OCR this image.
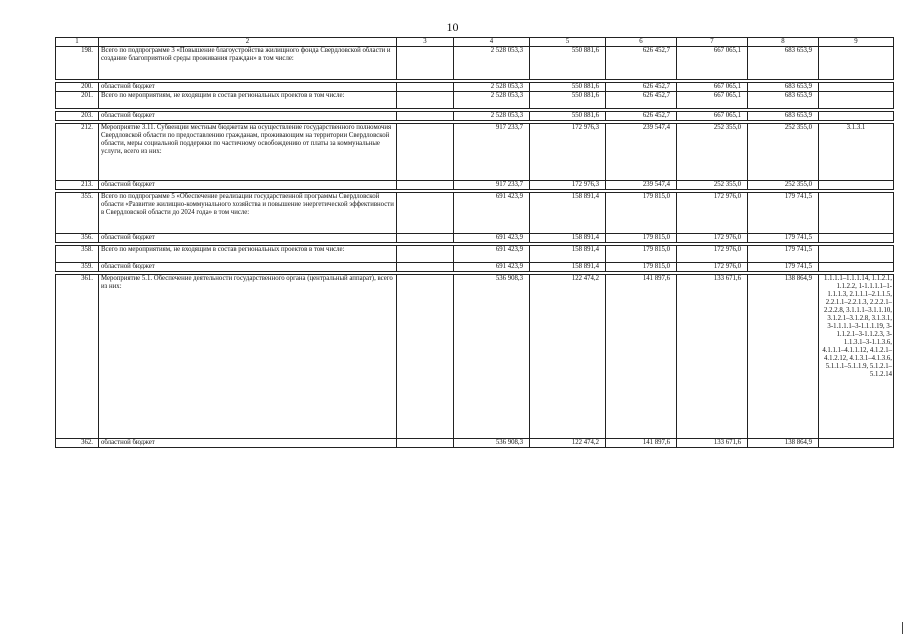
10
1	2	3	4	5	6	7	8	9
198.	Всего по подпрограмме 3 «Повышение благоустройства жилищного фонда Свердловской области и создание благоприятной среды проживания граждан» в том числе:		2 528 053,3	550 881,6	626 452,7	667 065,1	683 653,9	

200.	областной бюджет		2 528 053,3	550 881,6	626 452,7	667 065,1	683 653,9	
201.	Всего по мероприятиям, не входящим в состав региональных проектов в том числе:		2 528 053,3	550 881,6	626 452,7	667 065,1	683 653,9	

203.	областной бюджет		2 528 053,3	550 881,6	626 452,7	667 065,1	683 653,9	

212.	Мероприятие 3.11. Субвенции местным бюджетам на осуществление государственного полномочия Свердловской области по предоставлению гражданам, проживающим на территории Свердловской области, меры социальной поддержки по частичному освобождению от платы за коммунальные услуги, всего из них:		917 233,7	172 976,3	239 547,4	252 355,0	252 355,0	3.1.3.1
213.	областной бюджет		917 233,7	172 976,3	239 547,4	252 355,0	252 355,0	

355.	Всего по подпрограмме 5 «Обеспечение реализации государственной программы Свердловской области «Развитие жилищно-коммунального хозяйства и повышение энергетической эффективности в Свердловской области до 2024 года» в том числе:		691 423,9	158 891,4	179 815,0	172 976,0	179 741,5	
356.	областной бюджет		691 423,9	158 891,4	179 815,0	172 976,0	179 741,5	

358.	Всего по мероприятиям, не входящим в состав региональных проектов в том числе:		691 423,9	158 891,4	179 815,0	172 976,0	179 741,5	
359.	областной бюджет		691 423,9	158 891,4	179 815,0	172 976,0	179 741,5	

361.	Мероприятие 5.1. Обеспечение деятельности государственного органа (центральный аппарат), всего из них:		536 908,3	122 474,2	141 897,6	133 671,6	138 864,9	1.1.1.1–1.1.1.14, 1.1.2.1, 1.1.2.2, 1-1.1.1.1–1-1.1.1.3, 2.1.1.1–2.1.1.5, 2.2.1.1–2.2.1.3, 2.2.2.1–2.2.2.8, 3.1.1.1–3.1.1.10, 3.1.2.1–3.1.2.8, 3.1.3.1, 3-1.1.1.1–3-1.1.1.19, 3-1.1.2.1–3-1.1.2.3, 3-1.1.3.1–3-1.1.3.6, 4.1.1.1–4.1.1.12, 4.1.2.1–4.1.2.12, 4.1.3.1–4.1.3.6, 5.1.1.1–5.1.1.9, 5.1.2.1–5.1.2.14
362.	областной бюджет		536 908,3	122 474,2	141 897,6	133 671,6	138 864,9	
